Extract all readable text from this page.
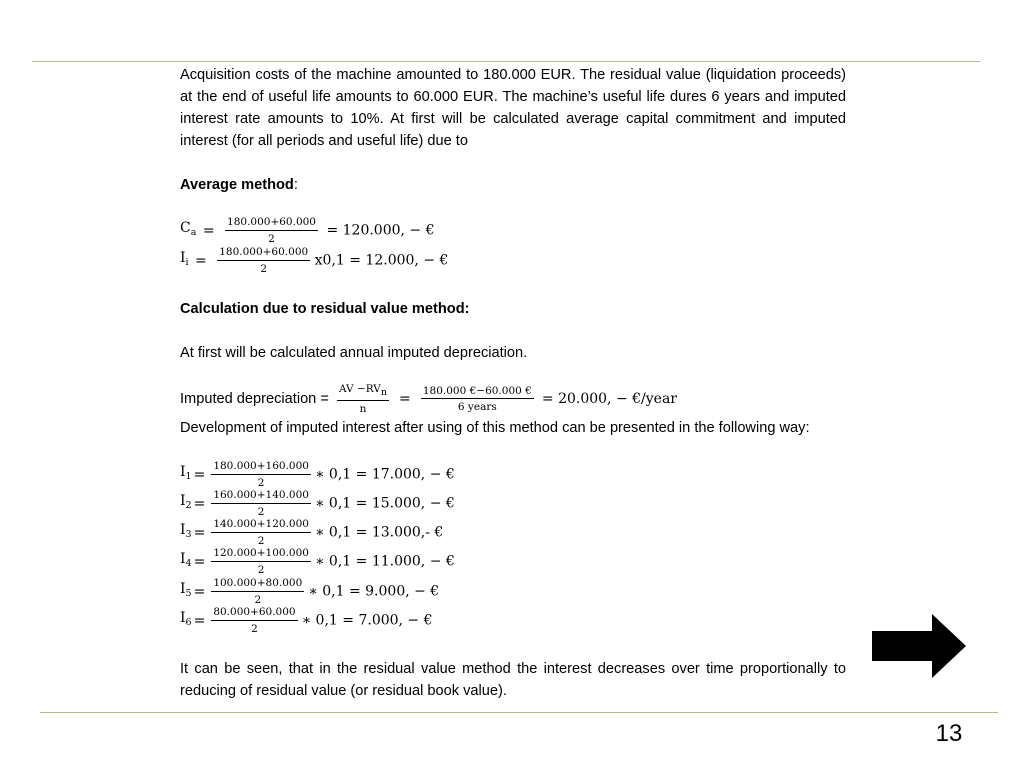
Acquisition costs of the machine amounted to 180.000 EUR. The residual value (liquidation proceeds) at the end of useful life amounts to 60.000 EUR. The machine’s useful life dures 6 years and imputed interest rate amounts to 10%. At first will be calculated average capital commitment and imputed interest (for all periods and useful life) due to

Average method:
$C_a = \frac{180.000+60.000}{2} = 120.000$, − €
$I_i = \frac{180.000+60.000}{2} x0,1 = 12.000$, − €

Calculation due to residual value method:

At first will be calculated annual imputed depreciation.

Imputed depreciation = $\frac{\text{AV −RVn}}{n} = \frac{180.000 €-60.000 €}{\text{6 years}} = 20.000$, − €/year

Development of imputed interest after using of this method can be presented in the following way:

$I_1 = \frac{180.000+160.000}{2}$ ∗ 0,1 = 17.000, − €
$I_2 = \frac{160.000+140.000}{2}$ ∗ 0,1 = 15.000, − €
$I_3 = \frac{140.000+120.000}{2}$ ∗ 0,1 = 13.000,- €
$I_4 = \frac{120.000+100.000}{2}$ ∗ 0,1 = 11.000, − €
$I_5 = \frac{100.000+80.000}{2}$ ∗ 0,1 = 9.000, − €
$I_6 = \frac{80.000+60.000}{2}$ ∗ 0,1 = 7.000, − €

It can be seen, that in the residual value method the interest decreases over time proportionally to reducing of residual value (or residual book value).

13
